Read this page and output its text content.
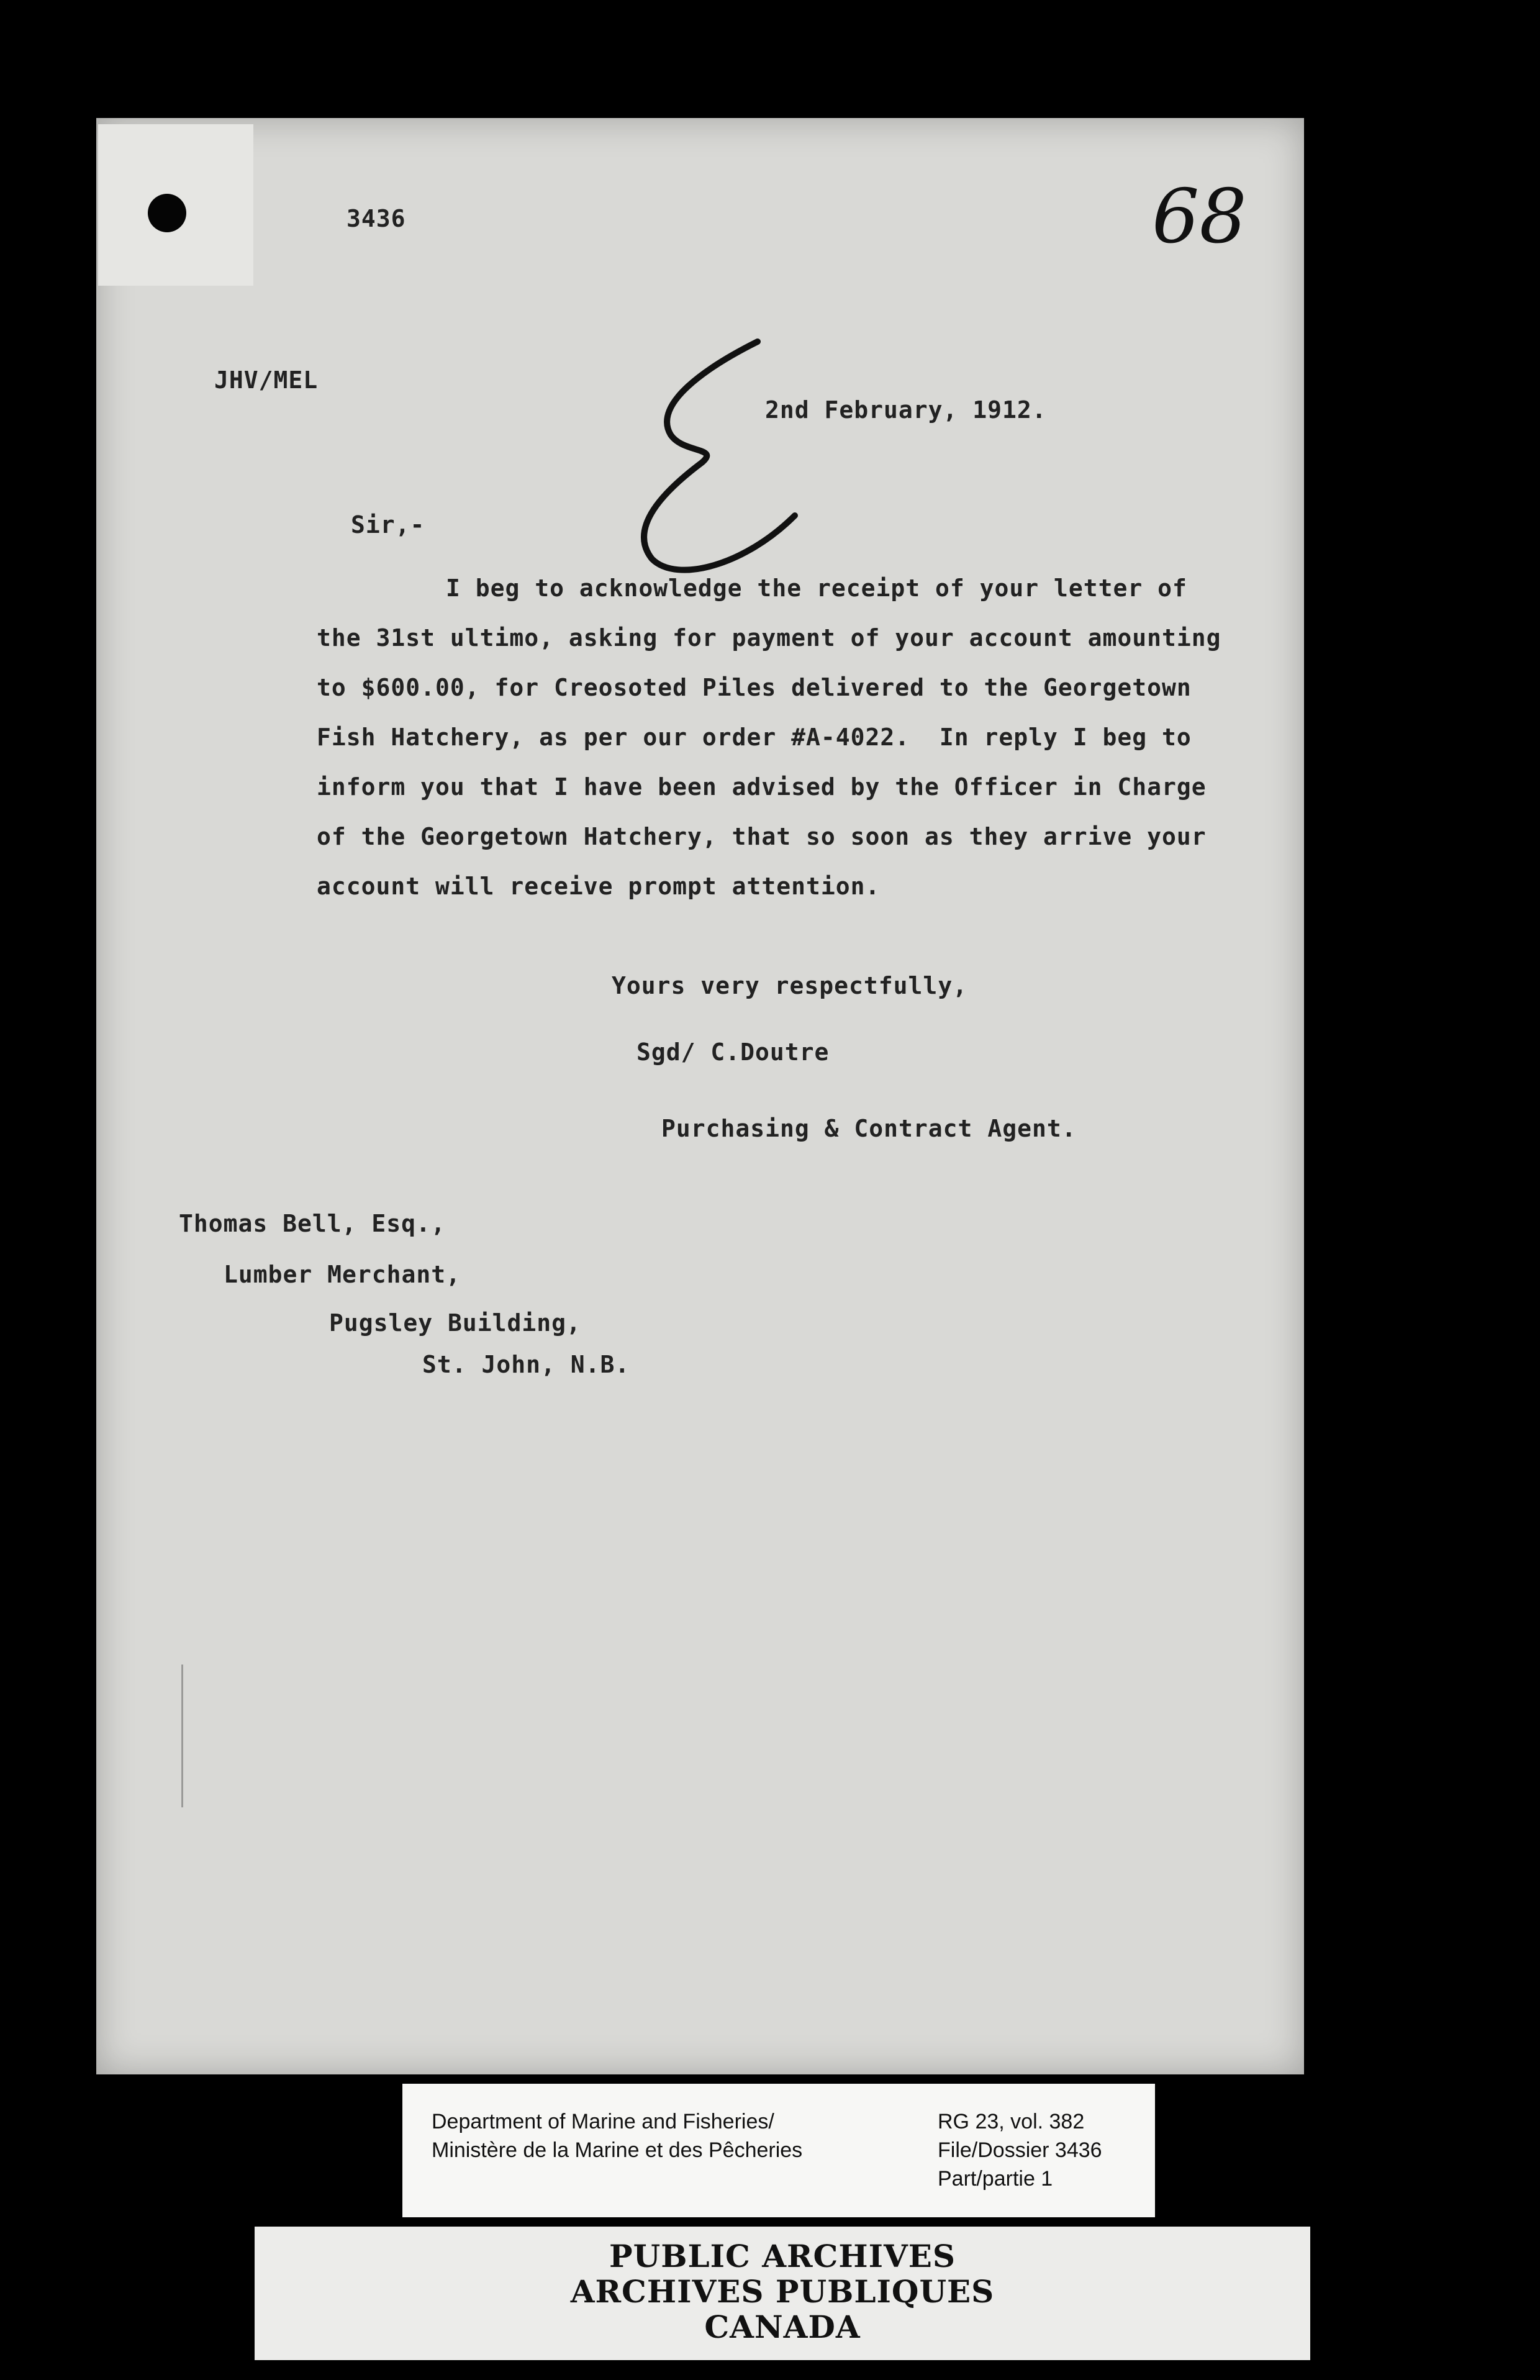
3436	68
JHV/MEL
2nd February, 1912.
Sir,-
I beg to acknowledge the receipt of your letter of
the 31st ultimo, asking for payment of your account amounting
to $600.00, for Creosoted Piles delivered to the Georgetown
Fish Hatchery, as per our order #A-4022.  In reply I beg to
inform you that I have been advised by the Officer in Charge
of the Georgetown Hatchery, that so soon as they arrive your
account will receive prompt attention.
Yours very respectfully,
Sgd/ C.Doutre
Purchasing & Contract Agent.
Thomas Bell, Esq.,
Lumber Merchant,
Pugsley Building,
St. John, N.B.
Department of Marine and Fisheries/
Ministère de la Marine et des Pêcheries
RG 23, vol. 382
File/Dossier 3436
Part/partie 1
PUBLIC ARCHIVES
ARCHIVES PUBLIQUES
CANADA
